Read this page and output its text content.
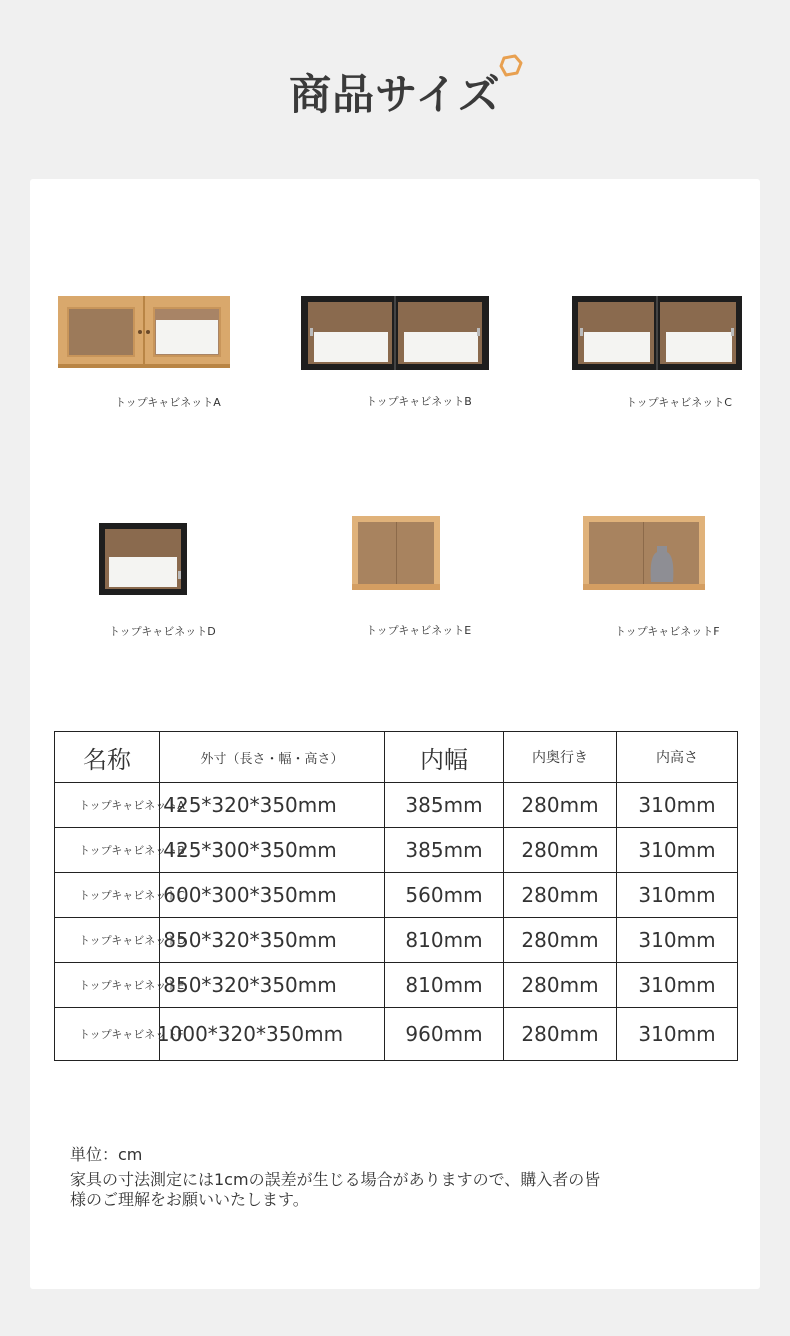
商品サイズ
トップキャビネットA	トップキャビネットB	トップキャビネットC
トップキャビネットD	トップキャビネットE	トップキャビネットF
名称	外寸（長さ・幅・高さ）	内幅	内奥行き	内高さ

トップキャビネットA	425*320*350mm	385mm	280mm	310mm

トップキャビネットB	425*300*350mm	385mm	280mm	310mm

トップキャビネットC	600*300*350mm	560mm	280mm	310mm

トップキャビネットD	850*320*350mm	810mm	280mm	310mm

トップキャビネットE	850*320*350mm	810mm	280mm	310mm

トップキャビネットF	1000*320*350mm	960mm	280mm	310mm
単位：cm
家具の寸法測定には1cmの誤差が生じる場合がありますので、購入者の皆様のご理解をお願いいたします。
